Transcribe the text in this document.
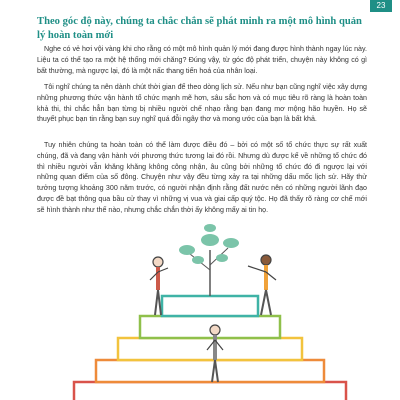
23
Theo góc độ này, chúng ta chắc chắn sẽ phát minh ra một mô hình quản lý hoàn toàn mới

Nghe có vẻ hơi vội vàng khi cho rằng có một mô hình quản lý mới đang được hình thành ngay lúc này. Liệu ta có thể tạo ra một hệ thống mới chăng? Đúng vậy, từ góc độ phát triển, chuyện này không có gì bất thường, mà ngược lại, đó là một nấc thang tiến hoá của nhân loại.

Tôi nghĩ chúng ta nên dành chút thời gian để theo dòng lịch sử. Nếu như bạn cũng nghĩ việc xây dựng những phương thức vận hành tổ chức mạnh mẽ hơn, sâu sắc hơn và có mục tiêu rõ ràng là hoàn toàn khả thi, thì chắc hẳn bạn từng bị nhiều người chế nhạo rằng bạn đang mơ mộng hão huyền. Họ sẽ thuyết phục bạn tin rằng bạn suy nghĩ quá đỗi ngây thơ và mong ước của bạn là bất khả.

Tuy nhiên chúng ta hoàn toàn có thể làm được điều đó – bởi có một số tổ chức thực sự rất xuất chúng, đã và đang vận hành với phương thức tương lai đó rồi. Nhưng dù được kể về những tổ chức đó thì nhiều người vẫn khăng khăng không công nhận, âu cũng bởi những tổ chức đó đi ngược lại với những quan điểm của số đông. Chuyện như vậy đều từng xảy ra tại những dấu mốc lịch sử. Hãy thử tưởng tượng khoảng 300 năm trước, có người nhận định rằng đất nước nên có những người lãnh đạo được đề bạt thông qua bầu cử thay vì những vị vua và giai cấp quý tộc. Họ đã thấy rõ ràng cơ chế mới sẽ hình thành như thế nào, nhưng chắc chắn thời ấy không mấy ai tin họ.
